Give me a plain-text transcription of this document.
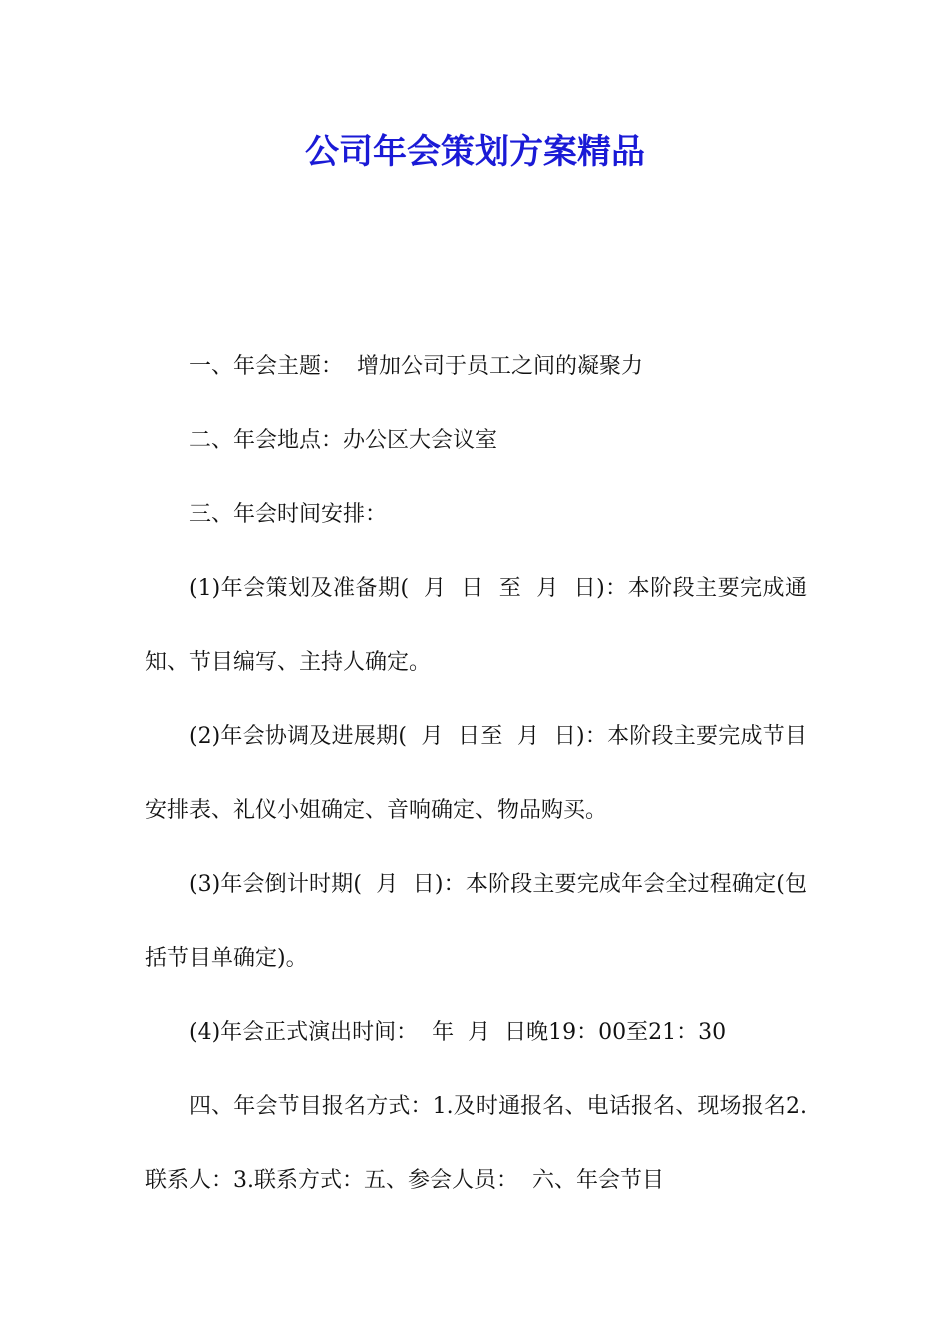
公司年会策划方案精品

一、年会主题：  增加公司于员工之间的凝聚力

二、年会地点：办公区大会议室

三、年会时间安排：

(1)年会策划及准备期(  月  日  至  月  日)：本阶段主要完成通知、节目编写、主持人确定。

(2)年会协调及进展期(  月  日至  月  日)：本阶段主要完成节目安排表、礼仪小姐确定、音响确定、物品购买。

(3)年会倒计时期(  月  日)：本阶段主要完成年会全过程确定(包括节目单确定)。

(4)年会正式演出时间：  年  月  日晚19：00至21：30

四、年会节目报名方式：1.及时通报名、电话报名、现场报名2.联系人：3.联系方式：五、参会人员：  六、年会节目
